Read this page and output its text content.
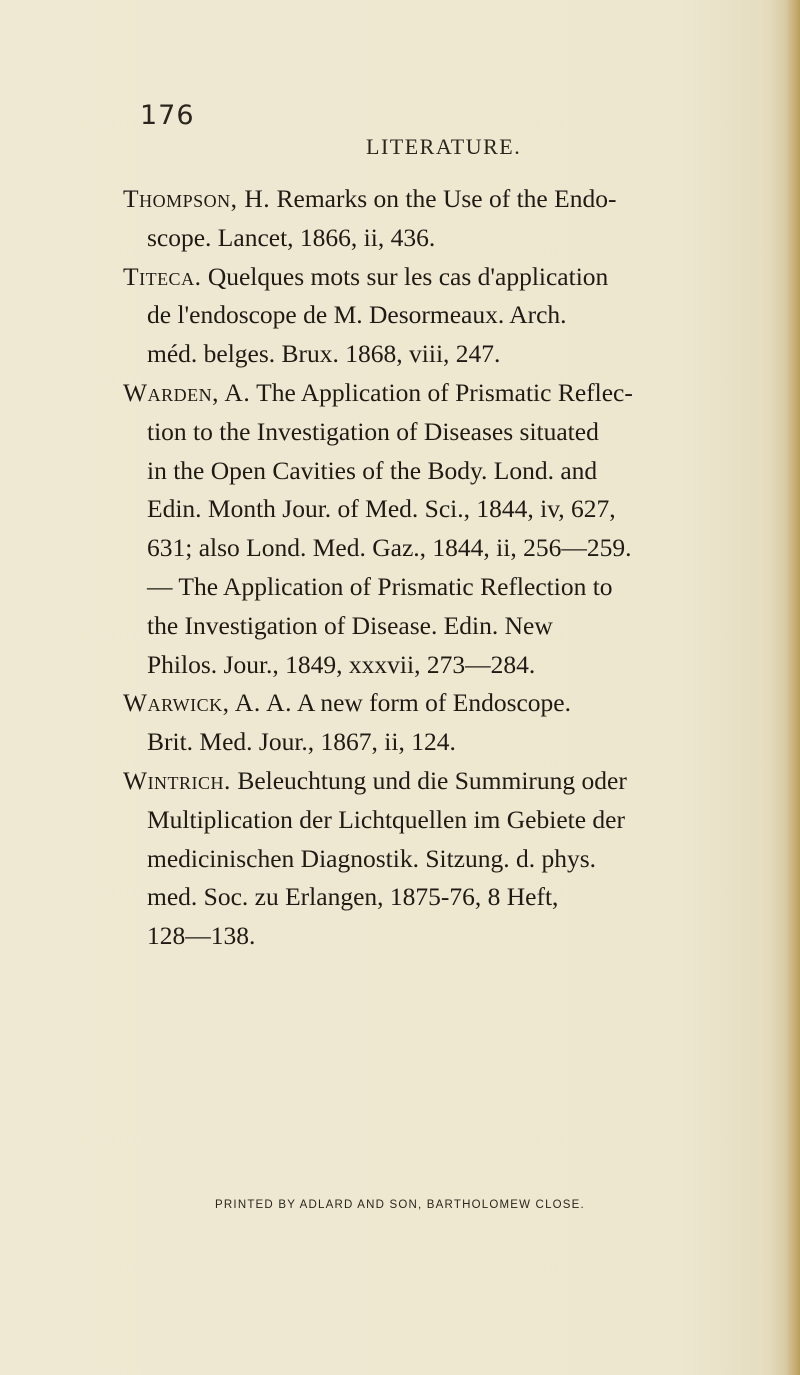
176
LITERATURE.
Thompson, H. Remarks on the Use of the Endo-
scope. Lancet, 1866, ii, 436.
Titeca. Quelques mots sur les cas d'application
de l'endoscope de M. Desormeaux. Arch.
méd. belges. Brux. 1868, viii, 247.
Warden, A. The Application of Prismatic Reflec-
tion to the Investigation of Diseases situated
in the Open Cavities of the Body. Lond. and
Edin. Month Jour. of Med. Sci., 1844, iv, 627,
631; also Lond. Med. Gaz., 1844, ii, 256—259.
— The Application of Prismatic Reflection to
the Investigation of Disease. Edin. New
Philos. Jour., 1849, xxxvii, 273—284.
Warwick, A. A. A new form of Endoscope.
Brit. Med. Jour., 1867, ii, 124.
Wintrich. Beleuchtung und die Summirung oder
Multiplication der Lichtquellen im Gebiete der
medicinischen Diagnostik. Sitzung. d. phys.
med. Soc. zu Erlangen, 1875-76, 8 Heft,
128—138.
PRINTED BY ADLARD AND SON, BARTHOLOMEW CLOSE.
